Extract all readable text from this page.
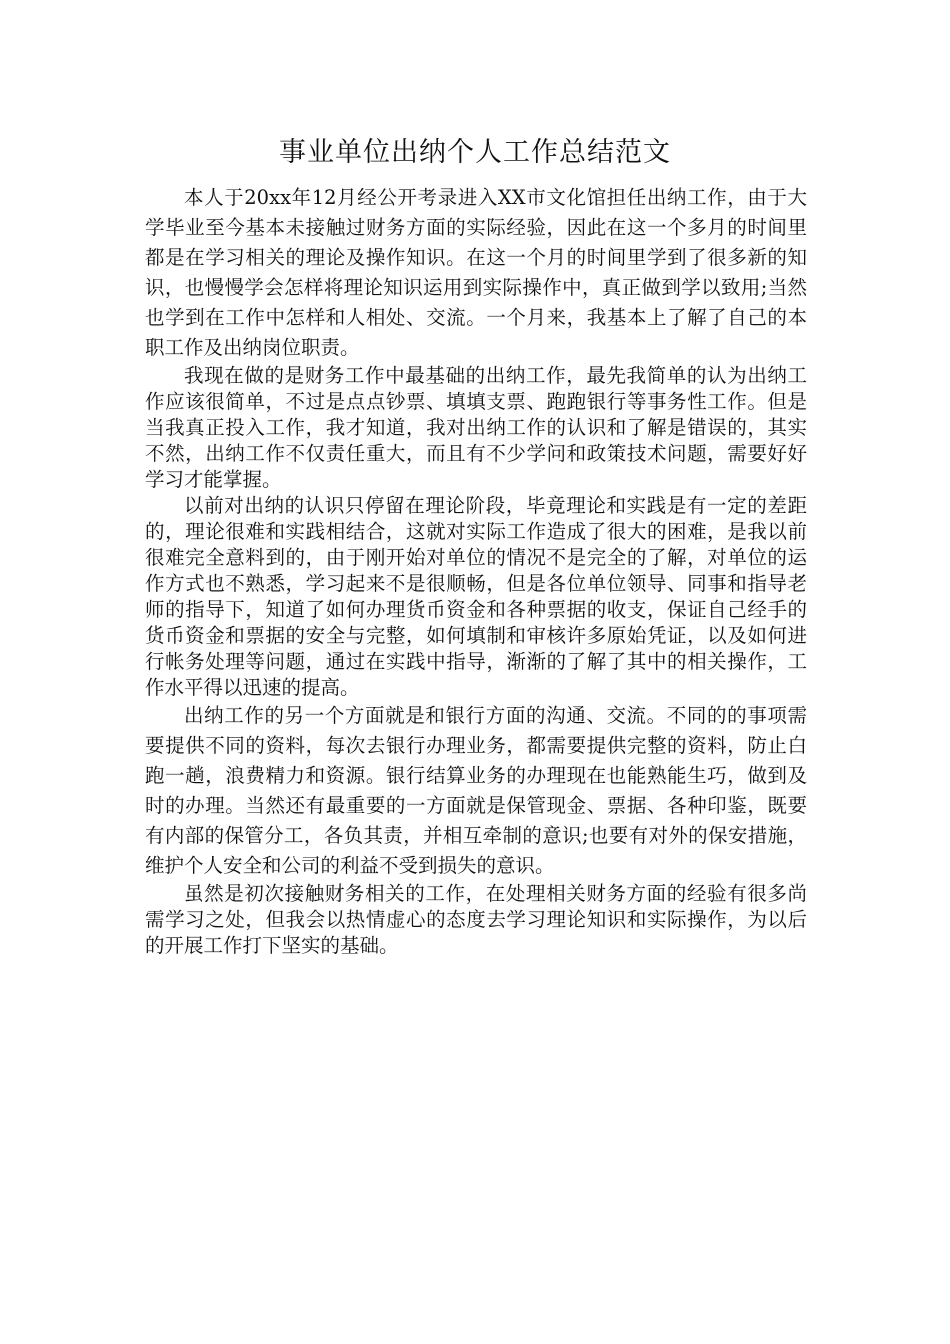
事业单位出纳个人工作总结范文

本人于20xx年12月经公开考录进入XX市文化馆担任出纳工作，由于大学毕业至今基本未接触过财务方面的实际经验，因此在这一个多月的时间里都是在学习相关的理论及操作知识。在这一个月的时间里学到了很多新的知识，也慢慢学会怎样将理论知识运用到实际操作中，真正做到学以致用;当然也学到在工作中怎样和人相处、交流。一个月来，我基本上了解了自己的本职工作及出纳岗位职责。

我现在做的是财务工作中最基础的出纳工作，最先我简单的认为出纳工作应该很简单，不过是点点钞票、填填支票、跑跑银行等事务性工作。但是当我真正投入工作，我才知道，我对出纳工作的认识和了解是错误的，其实不然，出纳工作不仅责任重大，而且有不少学问和政策技术问题，需要好好学习才能掌握。

以前对出纳的认识只停留在理论阶段，毕竟理论和实践是有一定的差距的，理论很难和实践相结合，这就对实际工作造成了很大的困难，是我以前很难完全意料到的，由于刚开始对单位的情况不是完全的了解，对单位的运作方式也不熟悉，学习起来不是很顺畅，但是各位单位领导、同事和指导老师的指导下，知道了如何办理货币资金和各种票据的收支，保证自己经手的货币资金和票据的安全与完整，如何填制和审核许多原始凭证，以及如何进行帐务处理等问题，通过在实践中指导，渐渐的了解了其中的相关操作，工作水平得以迅速的提高。

出纳工作的另一个方面就是和银行方面的沟通、交流。不同的的事项需要提供不同的资料，每次去银行办理业务，都需要提供完整的资料，防止白跑一趟，浪费精力和资源。银行结算业务的办理现在也能熟能生巧，做到及时的办理。当然还有最重要的一方面就是保管现金、票据、各种印鉴，既要有内部的保管分工，各负其责，并相互牵制的意识;也要有对外的保安措施，维护个人安全和公司的利益不受到损失的意识。

虽然是初次接触财务相关的工作，在处理相关财务方面的经验有很多尚需学习之处，但我会以热情虚心的态度去学习理论知识和实际操作，为以后的开展工作打下坚实的基础。
